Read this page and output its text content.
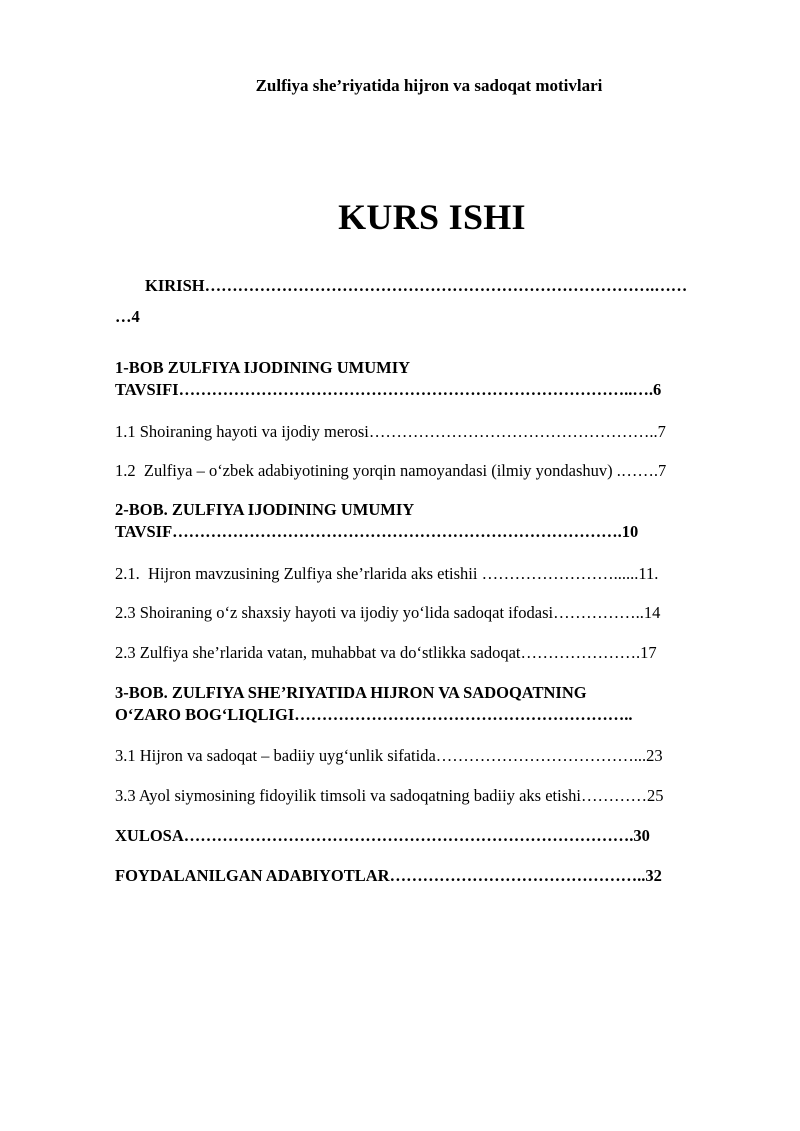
Zulfiya she’riyatida hijron va sadoqat motivlari
KURS ISHI
KIRISH……………………………………………………………………….……
…4
1-BOB ZULFIYA IJODINING UMUMIY
TAVSIFI………………………………………………………………………..….6
1.1 Shoiraning hayoti va ijodiy merosi……………………………………………..7
1.2  Zulfiya – o‘zbek adabiyotining yorqin namoyandasi (ilmiy yondashuv) .…….7
2-BOB. ZULFIYA IJODINING UMUMIY
TAVSIF……………………………………………………………………….10
2.1.  Hijron mavzusining Zulfiya she’rlarida aks etishii ……………………......11.
2.3 Shoiraning o‘z shaxsiy hayoti va ijodiy yo‘lida sadoqat ifodasi……………..14
2.3 Zulfiya she’rlarida vatan, muhabbat va do‘stlikka sadoqat………………….17
3-BOB. ZULFIYA SHE’RIYATIDA HIJRON VA SADOQATNING
O‘ZARO BOG‘LIQLIGI……………………………………………………..
3.1 Hijron va sadoqat – badiiy uyg‘unlik sifatida………………………………...23
3.3 Ayol siymosining fidoyilik timsoli va sadoqatning badiiy aks etishi…………25
XULOSA……………………………………………………………………….30
FOYDALANILGAN ADABIYOTLAR………………………………………..32
